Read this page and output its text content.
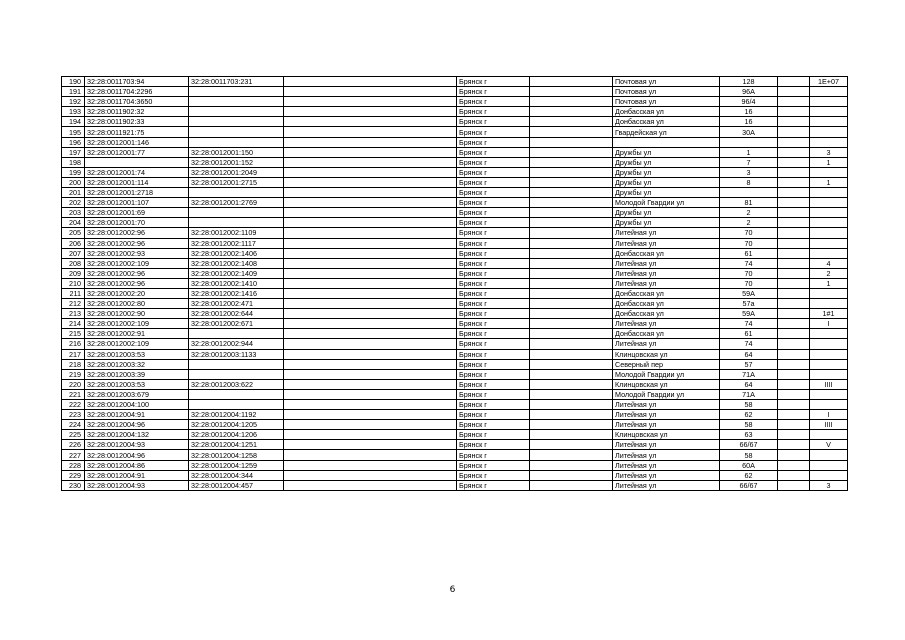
190	32:28:0011703:94	32:28:0011703:231		Брянск г		Почтовая ул	128		1E+07
191	32:28:0011704:2296			Брянск г		Почтовая ул	96А		
192	32:28:0011704:3650			Брянск г		Почтовая ул	96/4		
193	32:28:0011902:32			Брянск г		Донбасская ул	16		
194	32:28:0011902:33			Брянск г		Донбасская ул	16		
195	32:28:0011921:75			Брянск г		Гвардейская ул	30А		
196	32:28:0012001:146			Брянск г					
197	32:28:0012001:77	32:28:0012001:150		Брянск г		Дружбы ул	1		3
198		32:28:0012001:152		Брянск г		Дружбы ул	7		1
199	32:28:0012001:74	32:28:0012001:2049		Брянск г		Дружбы ул	3		
200	32:28:0012001:114	32:28:0012001:2715		Брянск г		Дружбы ул	8		1
201	32:28:0012001:2718			Брянск г		Дружбы ул			
202	32:28:0012001:107	32:28:0012001:2769		Брянск г		Молодой Гвардии ул	81		
203	32:28:0012001:69			Брянск г		Дружбы ул	2		
204	32:28:0012001:70			Брянск г		Дружбы ул	2		
205	32:28:0012002:96	32:28:0012002:1109		Брянск г		Литейная ул	70		
206	32:28:0012002:96	32:28:0012002:1117		Брянск г		Литейная ул	70		
207	32:28:0012002:93	32:28:0012002:1406		Брянск г		Донбасская ул	61		
208	32:28:0012002:109	32:28:0012002:1408		Брянск г		Литейная ул	74		4
209	32:28:0012002:96	32:28:0012002:1409		Брянск г		Литейная ул	70		2
210	32:28:0012002:96	32:28:0012002:1410		Брянск г		Литейная ул	70		1
211	32:28:0012002:20	32:28:0012002:1416		Брянск г		Донбасская ул	59А		
212	32:28:0012002:80	32:28:0012002:471		Брянск г		Донбасская ул	57а		
213	32:28:0012002:90	32:28:0012002:644		Брянск г		Донбасская ул	59А		1#1
214	32:28:0012002:109	32:28:0012002:671		Брянск г		Литейная ул	74		I
215	32:28:0012002:91			Брянск г		Донбасская ул	61		
216	32:28:0012002:109	32:28:0012002:944		Брянск г		Литейная ул	74		
217	32:28:0012003:53	32:28:0012003:1133		Брянск г		Клинцовская ул	64		
218	32:28:0012003:32			Брянск г		Северный пер	57		
219	32:28:0012003:39			Брянск г		Молодой Гвардии ул	71А		
220	32:28:0012003:53	32:28:0012003:622		Брянск г		Клинцовская ул	64		IIII
221	32:28:0012003:679			Брянск г		Молодой Гвардии ул	71А		
222	32:28:0012004:100			Брянск г		Литейная ул	58		
223	32:28:0012004:91	32:28:0012004:1192		Брянск г		Литейная ул	62		I
224	32:28:0012004:96	32:28:0012004:1205		Брянск г		Литейная ул	58		IIII
225	32:28:0012004:132	32:28:0012004:1206		Брянск г		Клинцовская ул	63		
226	32:28:0012004:93	32:28:0012004:1251		Брянск г		Литейная ул	66/67		V
227	32:28:0012004:96	32:28:0012004:1258		Брянск г		Литейная ул	58		
228	32:28:0012004:86	32:28:0012004:1259		Брянск г		Литейная ул	60А		
229	32:28:0012004:91	32:28:0012004:344		Брянск г		Литейная ул	62		
230	32:28:0012004:93	32:28:0012004:457		Брянск г		Литейная ул	66/67		3
6
